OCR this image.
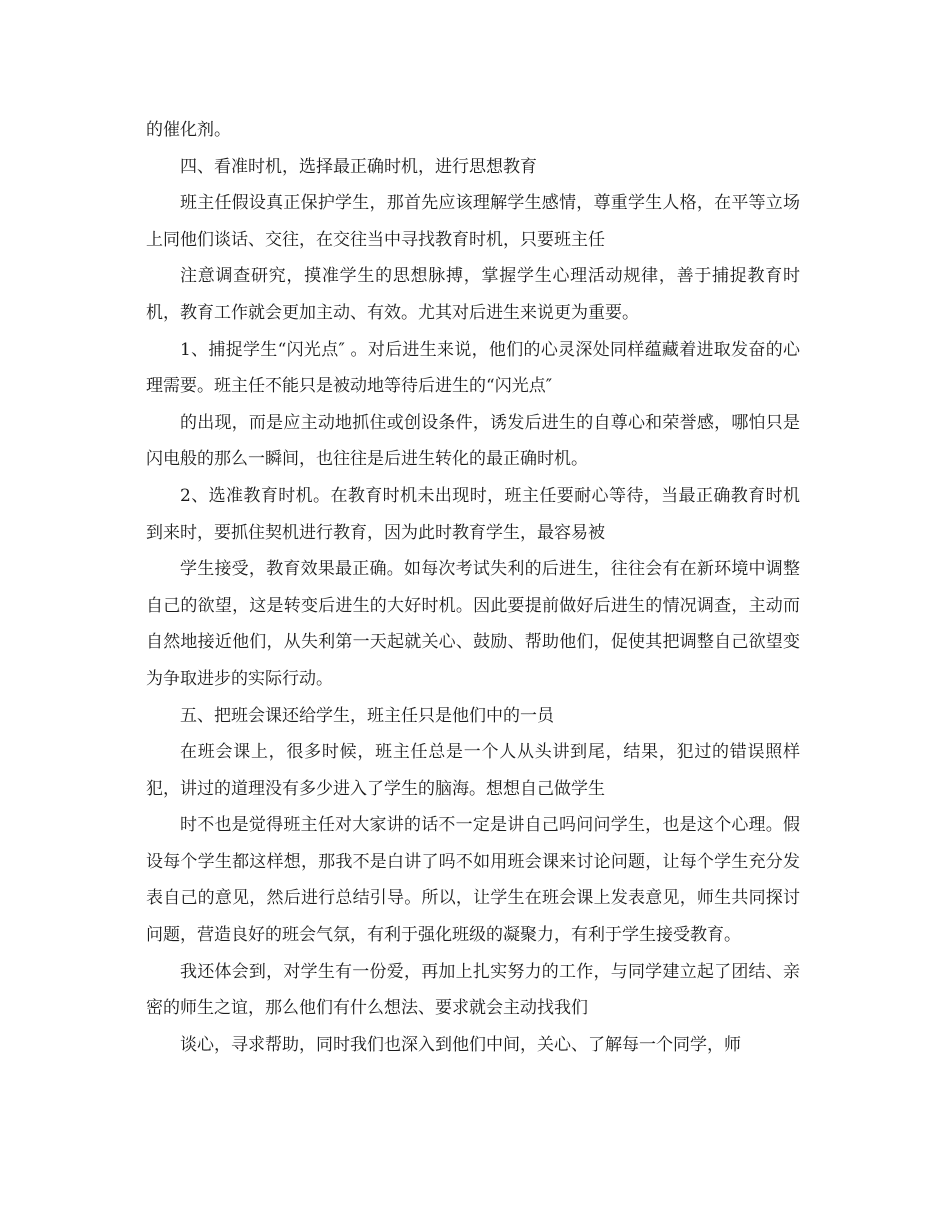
的催化剂。

四、看准时机，选择最正确时机，进行思想教育

班主任假设真正保护学生，那首先应该理解学生感情，尊重学生人格，在平等立场上同他们谈话、交往，在交往当中寻找教育时机，只要班主任

注意调查研究，摸准学生的思想脉搏，掌握学生心理活动规律，善于捕捉教育时机，教育工作就会更加主动、有效。尤其对后进生来说更为重要。

1、捕捉学生“闪光点″ 。对后进生来说，他们的心灵深处同样蕴藏着进取发奋的心理需要。班主任不能只是被动地等待后进生的“闪光点″

的出现，而是应主动地抓住或创设条件，诱发后进生的自尊心和荣誉感，哪怕只是闪电般的那么一瞬间，也往往是后进生转化的最正确时机。

2、选准教育时机。在教育时机未出现时，班主任要耐心等待，当最正确教育时机到来时，要抓住契机进行教育，因为此时教育学生，最容易被

学生接受，教育效果最正确。如每次考试失利的后进生，往往会有在新环境中调整自己的欲望，这是转变后进生的大好时机。因此要提前做好后进生的情况调查，主动而自然地接近他们，从失利第一天起就关心、鼓励、帮助他们，促使其把调整自己欲望变为争取进步的实际行动。

五、把班会课还给学生，班主任只是他们中的一员

在班会课上，很多时候，班主任总是一个人从头讲到尾，结果，犯过的错误照样犯，讲过的道理没有多少进入了学生的脑海。想想自己做学生

时不也是觉得班主任对大家讲的话不一定是讲自己吗问问学生，也是这个心理。假设每个学生都这样想，那我不是白讲了吗不如用班会课来讨论问题，让每个学生充分发表自己的意见，然后进行总结引导。所以，让学生在班会课上发表意见，师生共同探讨问题，营造良好的班会气氛，有利于强化班级的凝聚力，有利于学生接受教育。

我还体会到，对学生有一份爱，再加上扎实努力的工作，与同学建立起了团结、亲密的师生之谊，那么他们有什么想法、要求就会主动找我们

谈心，寻求帮助，同时我们也深入到他们中间，关心、了解每一个同学，师
